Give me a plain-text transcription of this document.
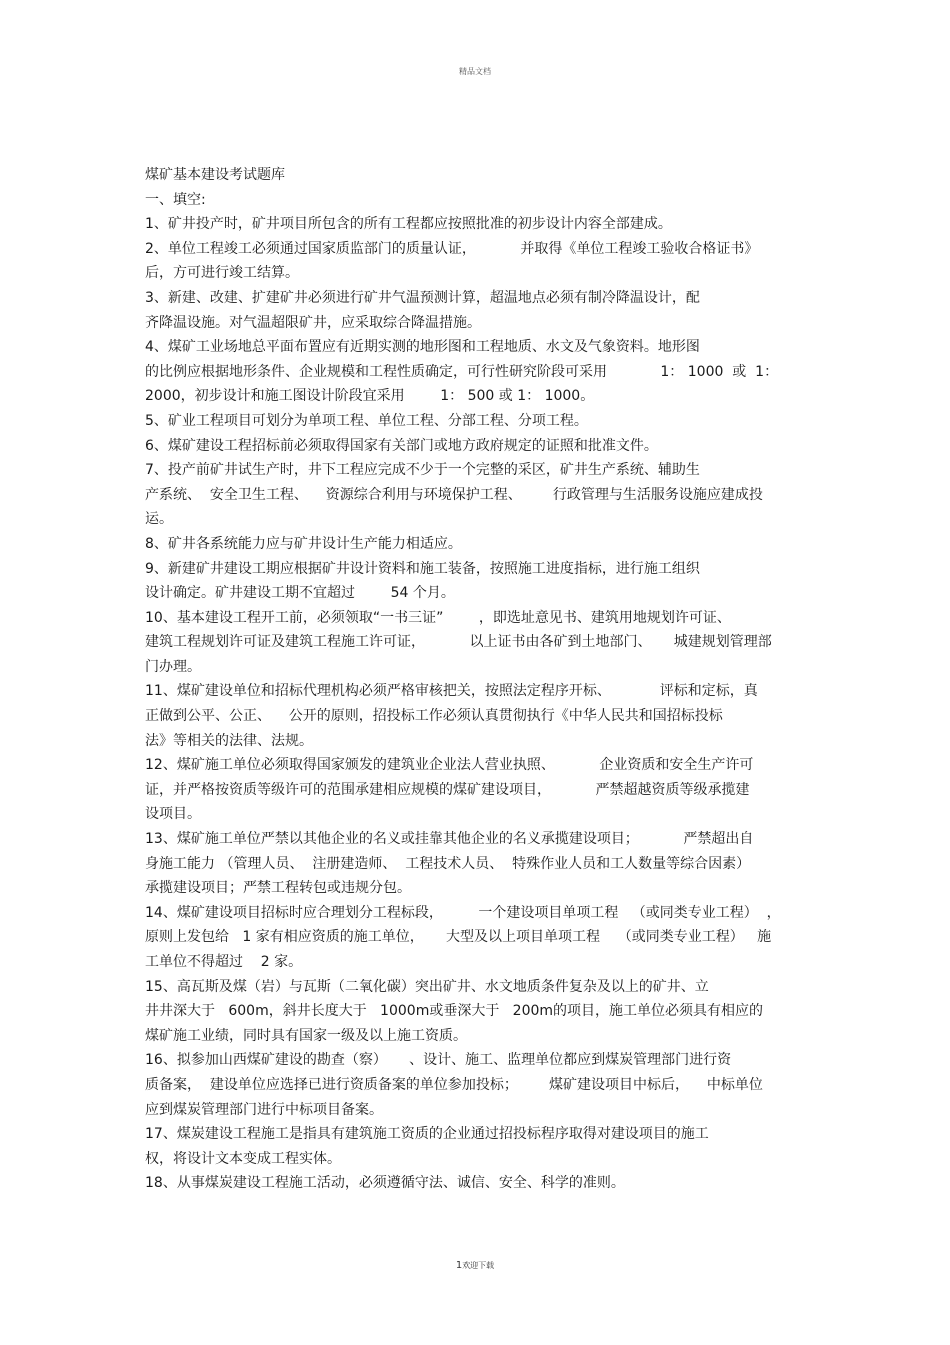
精品文档
煤矿基本建设考试题库
一、填空:
1、矿井投产时，矿井项目所包含的所有工程都应按照批准的初步设计内容全部建成。
2、单位工程竣工必须通过国家质监部门的质量认证，          并取得《单位工程竣工验收合格证书》
后，方可进行竣工结算。
3、新建、改建、扩建矿井必须进行矿井气温预测计算，超温地点必须有制冷降温设计，配
齐降温设施。对气温超限矿井，应采取综合降温措施。
4、煤矿工业场地总平面布置应有近期实测的地形图和工程地质、水文及气象资料。地形图
的比例应根据地形条件、企业规模和工程性质确定，可行性研究阶段可采用            1： 1000  或  1：
2000，初步设计和施工图设计阶段宜采用        1： 500 或 1： 1000。
5、矿业工程项目可划分为单项工程、单位工程、分部工程、分项工程。
6、煤矿建设工程招标前必须取得国家有关部门或地方政府规定的证照和批准文件。
7、投产前矿井试生产时，井下工程应完成不少于一个完整的采区，矿井生产系统、辅助生
产系统、  安全卫生工程、    资源综合利用与环境保护工程、       行政管理与生活服务设施应建成投
运。
8、矿井各系统能力应与矿井设计生产能力相适应。
9、新建矿井建设工期应根据矿井设计资料和施工装备，按照施工进度指标，进行施工组织
设计确定。矿井建设工期不宜超过        54 个月。
10、基本建设工程开工前，必须领取“一书三证”        ，即选址意见书、建筑用地规划许可证、
建筑工程规划许可证及建筑工程施工许可证，          以上证书由各矿到土地部门、     城建规划管理部
门办理。
11、煤矿建设单位和招标代理机构必须严格审核把关，按照法定程序开标、           评标和定标，真
正做到公平、公正、    公开的原则，招投标工作必须认真贯彻执行《中华人民共和国招标投标
法》等相关的法律、法规。
12、煤矿施工单位必须取得国家颁发的建筑业企业法人营业执照、          企业资质和安全生产许可
证，并严格按资质等级许可的范围承建相应规模的煤矿建设项目，          严禁超越资质等级承揽建
设项目。
13、煤矿施工单位严禁以其他企业的名义或挂靠其他企业的名义承揽建设项目；          严禁超出自
身施工能力 （管理人员、  注册建造师、  工程技术人员、  特殊作业人员和工人数量等综合因素）
承揽建设项目；严禁工程转包或违规分包。
14、煤矿建设项目招标时应合理划分工程标段，        一个建设项目单项工程   （或同类专业工程）  ，
原则上发包给   1 家有相应资质的施工单位，     大型及以上项目单项工程    （或同类专业工程）   施
工单位不得超过    2 家。
15、高瓦斯及煤（岩）与瓦斯（二氧化碳）突出矿井、水文地质条件复杂及以上的矿井、立
井井深大于   600m，斜井长度大于   1000m或垂深大于   200m的项目，施工单位必须具有相应的
煤矿施工业绩，同时具有国家一级及以上施工资质。
16、拟参加山西煤矿建设的勘查（察）     、设计、施工、监理单位都应到煤炭管理部门进行资
质备案，  建设单位应选择已进行资质备案的单位参加投标；       煤矿建设项目中标后，    中标单位
应到煤炭管理部门进行中标项目备案。
17、煤炭建设工程施工是指具有建筑施工资质的企业通过招投标程序取得对建设项目的施工
权，将设计文本变成工程实体。
18、从事煤炭建设工程施工活动，必须遵循守法、诚信、安全、科学的准则。
1欢迎下载
